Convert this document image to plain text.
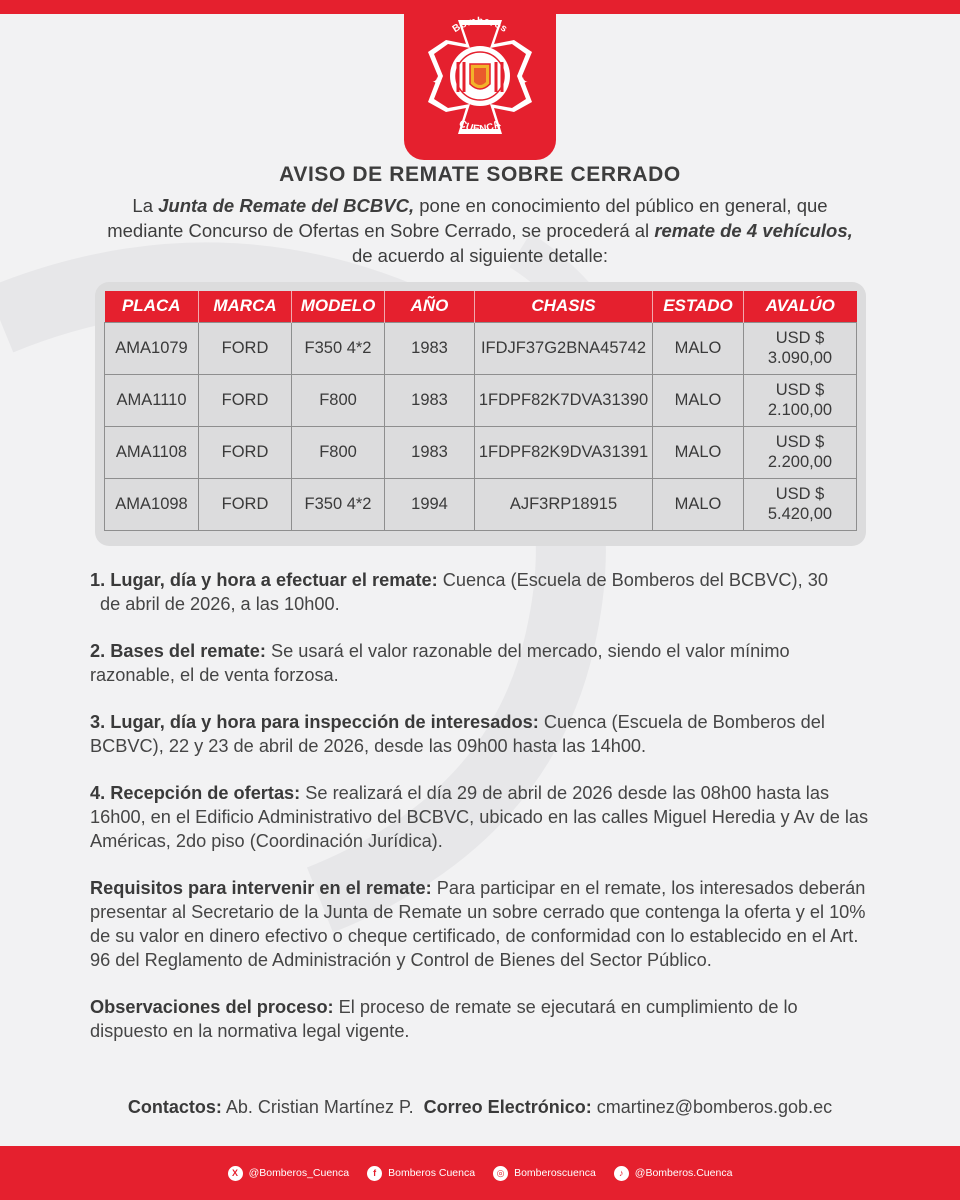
✦	✦
Bomberos
CUENCA
AVISO DE REMATE SOBRE CERRADO

La Junta de Remate del BCBVC, pone en conocimiento del público en general, que mediante Concurso de Ofertas en Sobre Cerrado, se procederá al remate de 4 vehículos, de acuerdo al siguiente detalle:

PLACA	MARCA	MODELO	AÑO	CHASIS	ESTADO	AVALÚO
AMA1079	FORD	F350 4*2	1983	IFDJF37G2BNA45742	MALO	USD $
3.090,00
AMA1110	FORD	F800	1983	1FDPF82K7DVA31390	MALO	USD $
2.100,00
AMA1108	FORD	F800	1983	1FDPF82K9DVA31391	MALO	USD $
2.200,00
AMA1098	FORD	F350 4*2	1994	AJF3RP18915	MALO	USD $
5.420,00

1. Lugar, día y hora a efectuar el remate: Cuenca (Escuela de Bomberos del BCBVC), 30
de abril de 2026, a las 10h00.

2. Bases del remate: Se usará el valor razonable del mercado, siendo el valor mínimo razonable, el de venta forzosa.

3. Lugar, día y hora para inspección de interesados: Cuenca (Escuela de Bomberos del BCBVC), 22 y 23 de abril de 2026, desde las 09h00 hasta las 14h00.

4. Recepción de ofertas: Se realizará el día 29 de abril de 2026 desde las 08h00 hasta las 16h00, en el Edificio Administrativo del BCBVC, ubicado en las calles Miguel Heredia y Av de las Américas, 2do piso (Coordinación Jurídica).

Requisitos para intervenir en el remate: Para participar en el remate, los interesados deberán presentar al Secretario de la Junta de Remate un sobre cerrado que contenga la oferta y el 10% de su valor en dinero efectivo o cheque certificado, de conformidad con lo establecido en el Art. 96 del Reglamento de Administración y Control de Bienes del Sector Público.

Observaciones del proceso: El proceso de remate se ejecutará en cumplimiento de lo dispuesto en la normativa legal vigente.

Contactos: Ab. Cristian Martínez P. Correo Electrónico: cmartinez@bomberos.gob.ec

X	@Bomberos_Cuenca	f	Bomberos Cuenca	◎ Bomberoscuenca	♪	@Bomberos.Cuenca
